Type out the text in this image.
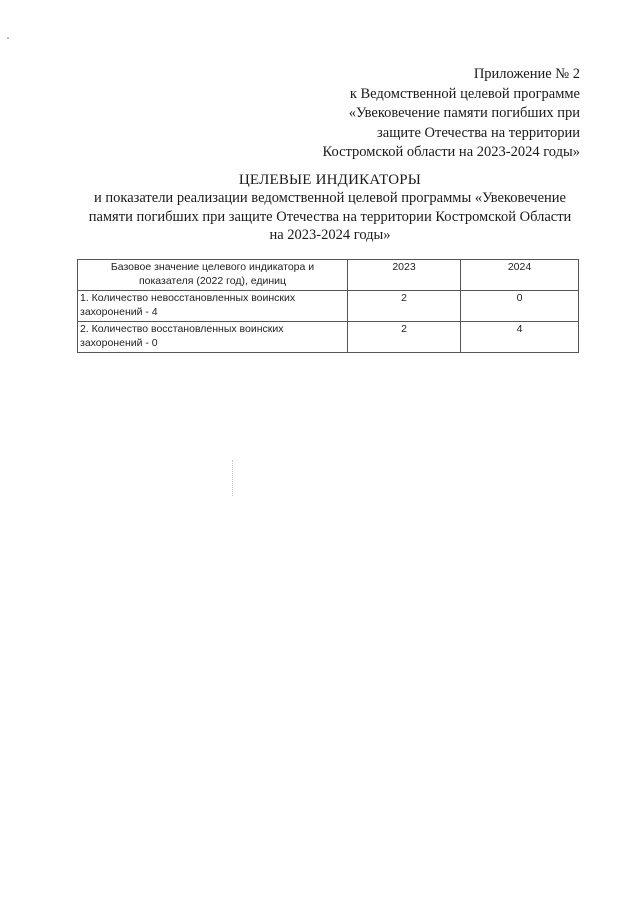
Приложение № 2
к Ведомственной целевой программе
«Увековечение памяти погибших при
защите Отечества на территории
Костромской области на 2023-2024 годы»
ЦЕЛЕВЫЕ ИНДИКАТОРЫ
и показатели реализации ведомственной целевой программы «Увековечение
памяти погибших при защите Отечества на территории Костромской Области
на 2023-2024 годы»
Базовое значение целевого индикатора и
показателя (2022 год), единиц	2023	2024

1. Количество невосстановленных воинских
захоронений - 4	2	0

2. Количество восстановленных воинских
захоронений - 0	2	4
